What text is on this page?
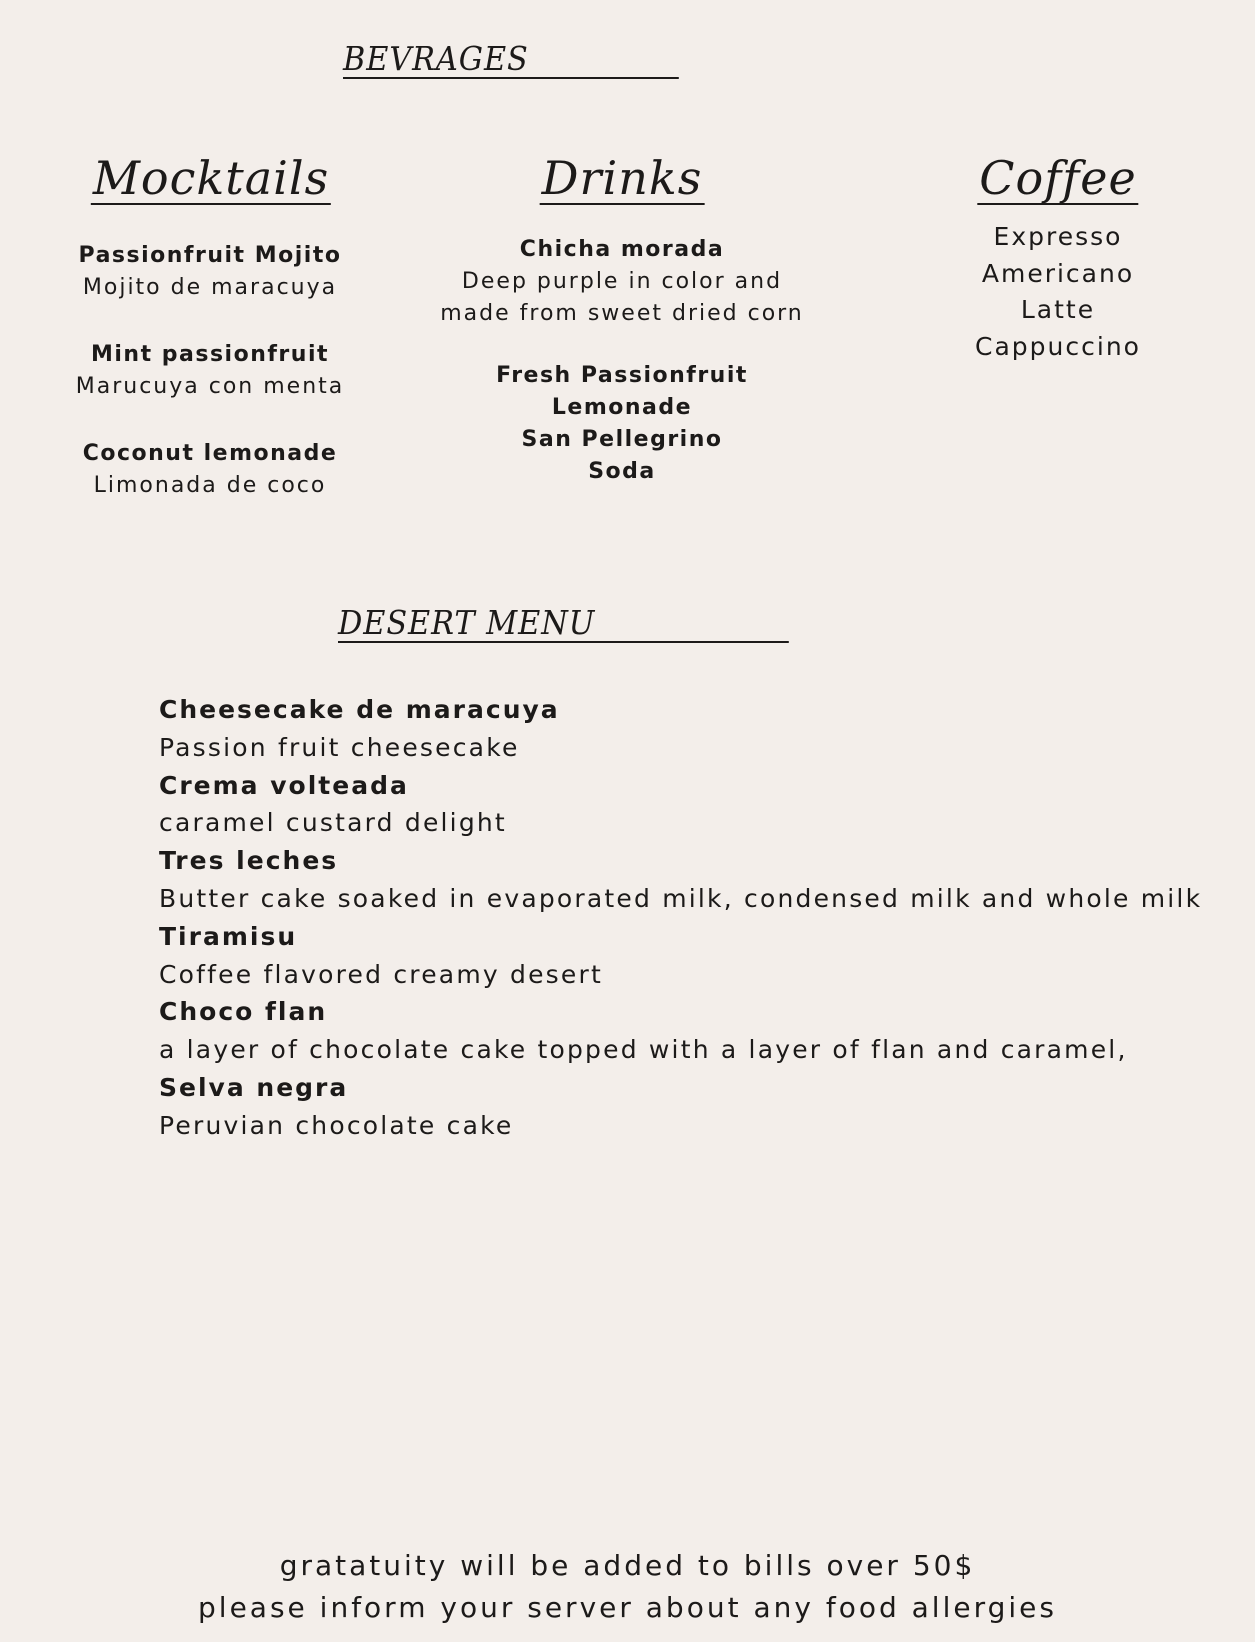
BEVRAGES
Mocktails
Passionfruit Mojito
Mojito de maracuya
Mint passionfruit
Marucuya con menta
Coconut lemonade
Limonada de coco
Drinks
Chicha morada
Deep purple in color and
made from sweet dried corn
Fresh Passionfruit
Lemonade
San Pellegrino
Soda
Coffee
Expresso
Americano
Latte
Cappuccino
DESERT MENU
Cheesecake de maracuya
Passion fruit cheesecake
Crema volteada
caramel custard delight
Tres leches
Butter cake soaked in evaporated milk, condensed milk and whole milk
Tiramisu
Coffee flavored creamy desert
Choco flan
a layer of chocolate cake topped with a layer of flan and caramel,
Selva negra
Peruvian chocolate cake
gratatuity will be added to bills over 50$
please inform your server about any food allergies
